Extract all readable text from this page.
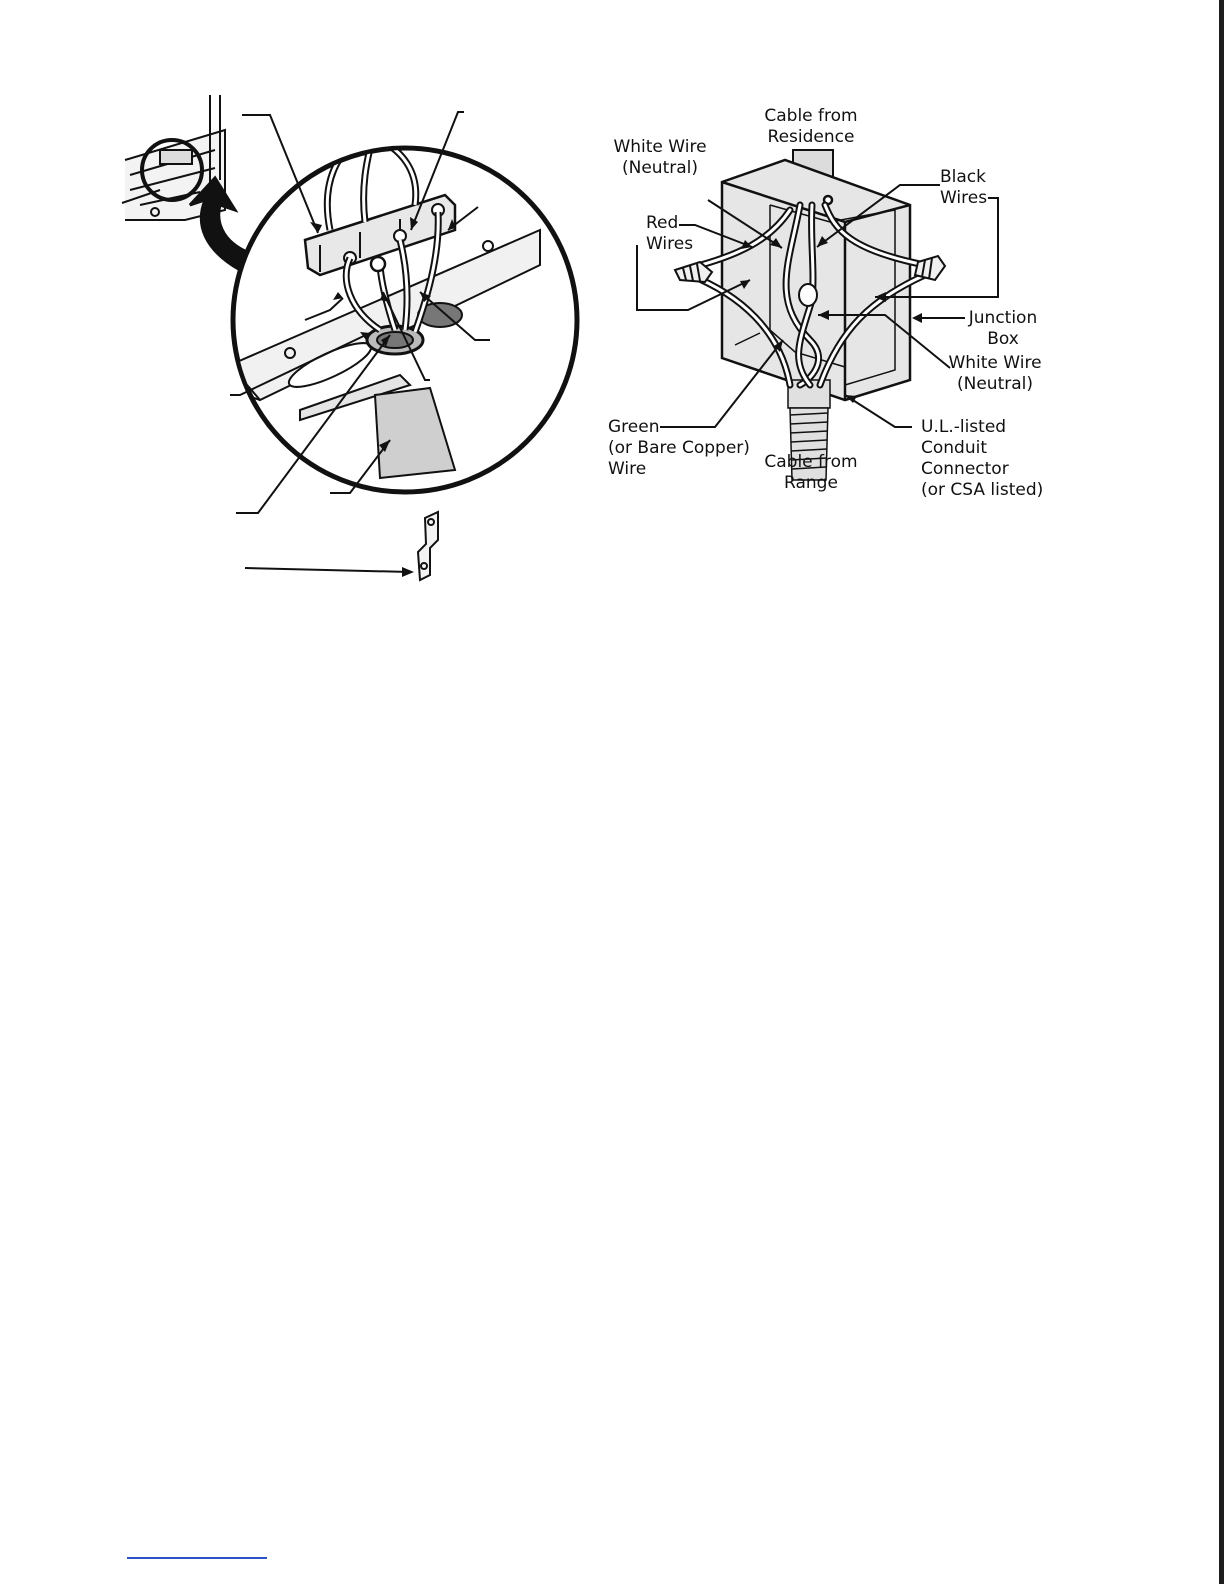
Cable from
Residence
White Wire
(Neutral)	Black
Wires
Red
Wires
Junction
Box
White Wire
(Neutral)
Green
(or Bare Copper)
Wire	Cable from
Range
U.L.-listed
Conduit
Connector
(or CSA listed)
